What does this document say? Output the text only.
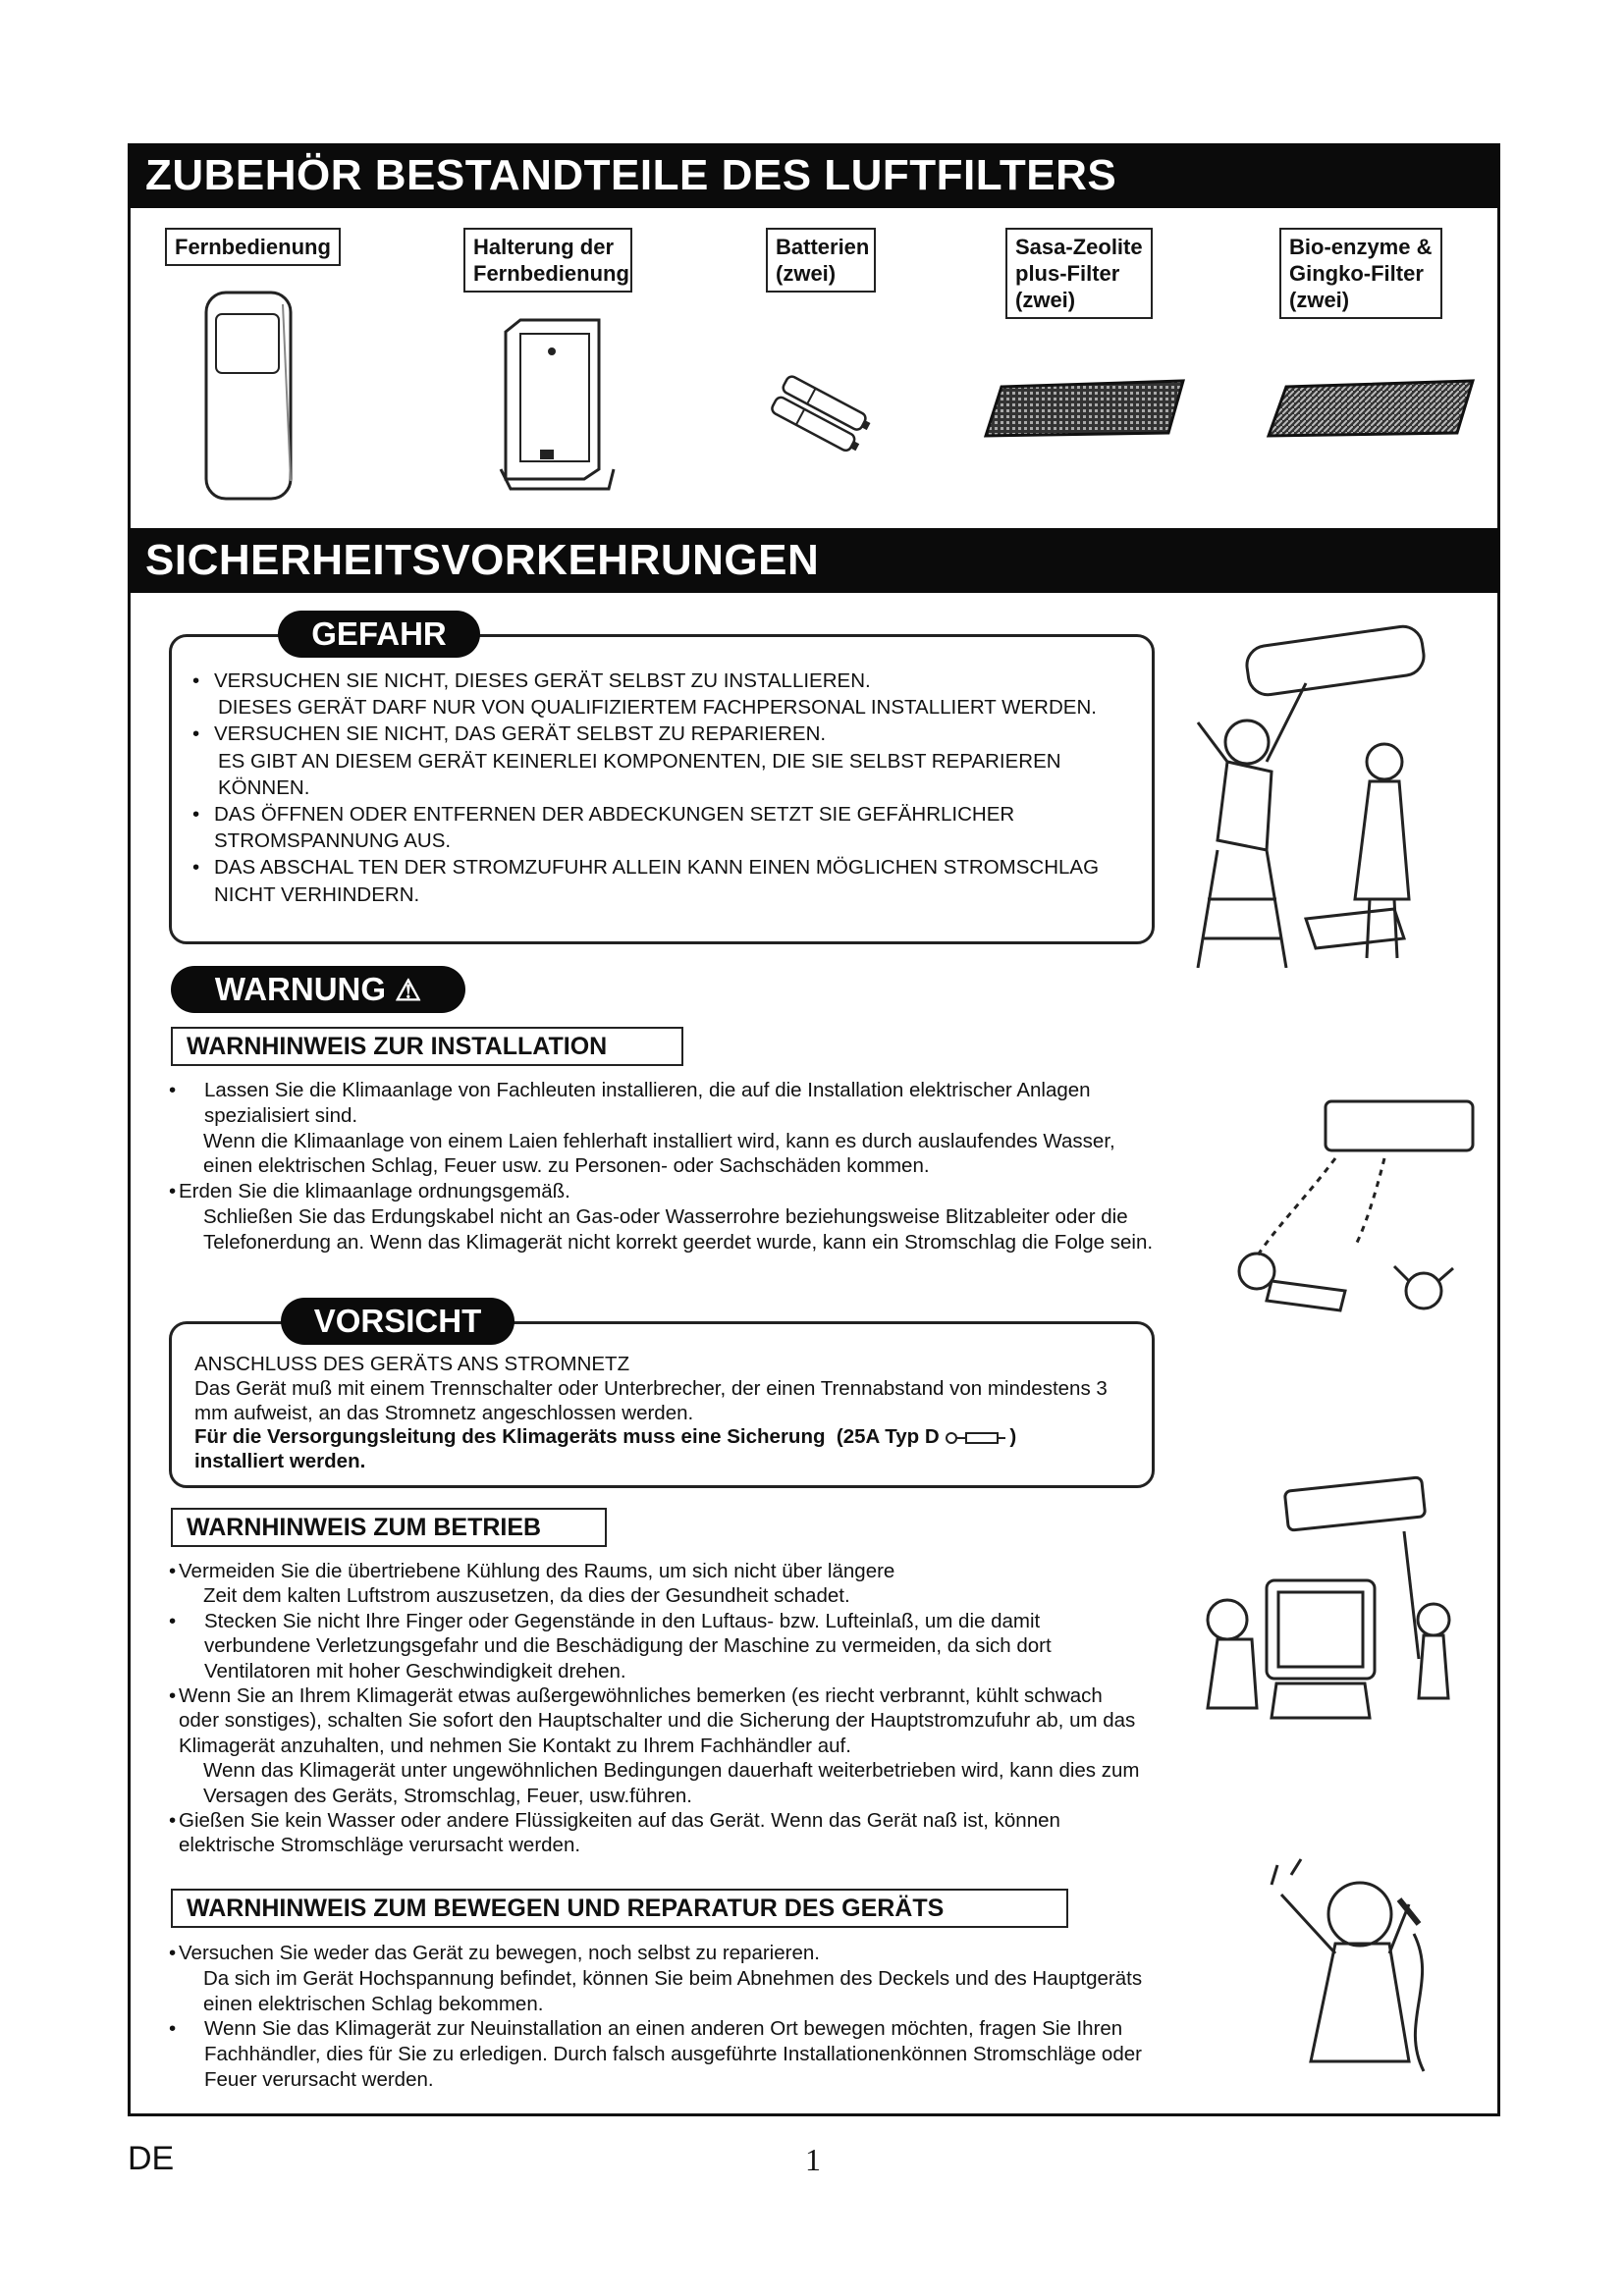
ZUBEHÖR BESTANDTEILE DES LUFTFILTERS
Fernbedienung	Halterung der Fernbedienung
Batterien (zwei)
Sasa-Zeolite plus-Filter (zwei)
Bio-enzyme & Gingko-Filter (zwei)
SICHERHEITSVORKEHRUNGEN
GEFAHR
• VERSUCHEN SIE NICHT, DIESES GERÄT SELBST ZU INSTALLIEREN.

DIESES GERÄT DARF NUR VON QUALIFIZIERTEM FACHPERSONAL INSTALLIERT WERDEN.

• VERSUCHEN SIE NICHT, DAS GERÄT SELBST ZU REPARIEREN.

ES GIBT AN DIESEM GERÄT KEINERLEI KOMPONENTEN, DIE SIE SELBST REPARIEREN KÖNNEN.

• DAS ÖFFNEN ODER ENTFERNEN DER ABDECKUNGEN SETZT SIE GEFÄHRLICHER STROMSPANNUNG AUS.
• DAS ABSCHAL TEN DER STROMZUFUHR ALLEIN KANN EINEN MÖGLICHEN STROMSCHLAG NICHT VERHINDERN.
WARNUNG ⚠
WARNHINWEIS ZUR INSTALLATION
•	Lassen Sie die Klimaanlage von Fachleuten installieren, die auf die Installation elektrischer Anlagen spezialisiert sind.

Wenn die Klimaanlage von einem Laien fehlerhaft installiert wird, kann es durch auslaufendes Wasser, einen elektrischen Schlag, Feuer usw. zu Personen- oder Sachschäden kommen.

• Erden Sie die klimaanlage ordnungsgemäß.

Schließen Sie das Erdungskabel nicht an Gas-oder Wasserrohre beziehungsweise Blitzableiter oder die Telefonerdung an. Wenn das Klimagerät nicht korrekt geerdet wurde, kann ein Stromschlag die Folge sein.

VORSICHT

ANSCHLUSS DES GERÄTS ANS STROMNETZ

Das Gerät muß mit einem Trennschalter oder Unterbrecher, der einen Trennabstand von mindestens 3 mm aufweist, an das Stromnetz angeschlossen werden.

Für die Versorgungsleitung des Klimageräts muss eine Sicherung (25A Typ D	)

installiert werden.

WARNHINWEIS ZUM BETRIEB
• Vermeiden Sie die übertriebene Kühlung des Raums, um sich nicht über längere

Zeit dem kalten Luftstrom auszusetzen, da dies der Gesundheit schadet.

•	Stecken Sie nicht Ihre Finger oder Gegenstände in den Luftaus- bzw. Lufteinlaß, um die damit verbundene Verletzungsgefahr und die Beschädigung der Maschine zu vermeiden, da sich dort Ventilatoren mit hoher Geschwindigkeit drehen.
• Wenn Sie an Ihrem Klimagerät etwas außergewöhnliches bemerken (es riecht verbrannt, kühlt schwach oder sonstiges), schalten Sie sofort den Hauptschalter und die Sicherung der Hauptstromzufuhr ab, um das Klimagerät anzuhalten, und nehmen Sie Kontakt zu Ihrem Fachhändler auf.

Wenn das Klimagerät unter ungewöhnlichen Bedingungen dauerhaft weiterbetrieben wird, kann dies zum Versagen des Geräts, Stromschlag, Feuer, usw.führen.

• Gießen Sie kein Wasser oder andere Flüssigkeiten auf das Gerät. Wenn das Gerät naß ist, können elektrische Stromschläge verursacht werden.
WARNHINWEIS ZUM BEWEGEN UND REPARATUR DES GERÄTS
• Versuchen Sie weder das Gerät zu bewegen, noch selbst zu reparieren.

Da sich im Gerät Hochspannung befindet, können Sie beim Abnehmen des Deckels und des Hauptgeräts einen elektrischen Schlag bekommen.

•	Wenn Sie das Klimagerät zur Neuinstallation an einen anderen Ort bewegen möchten, fragen Sie Ihren Fachhändler, dies für Sie zu erledigen. Durch falsch ausgeführte Installationenkönnen Stromschläge oder Feuer verursacht werden.
DE	1
